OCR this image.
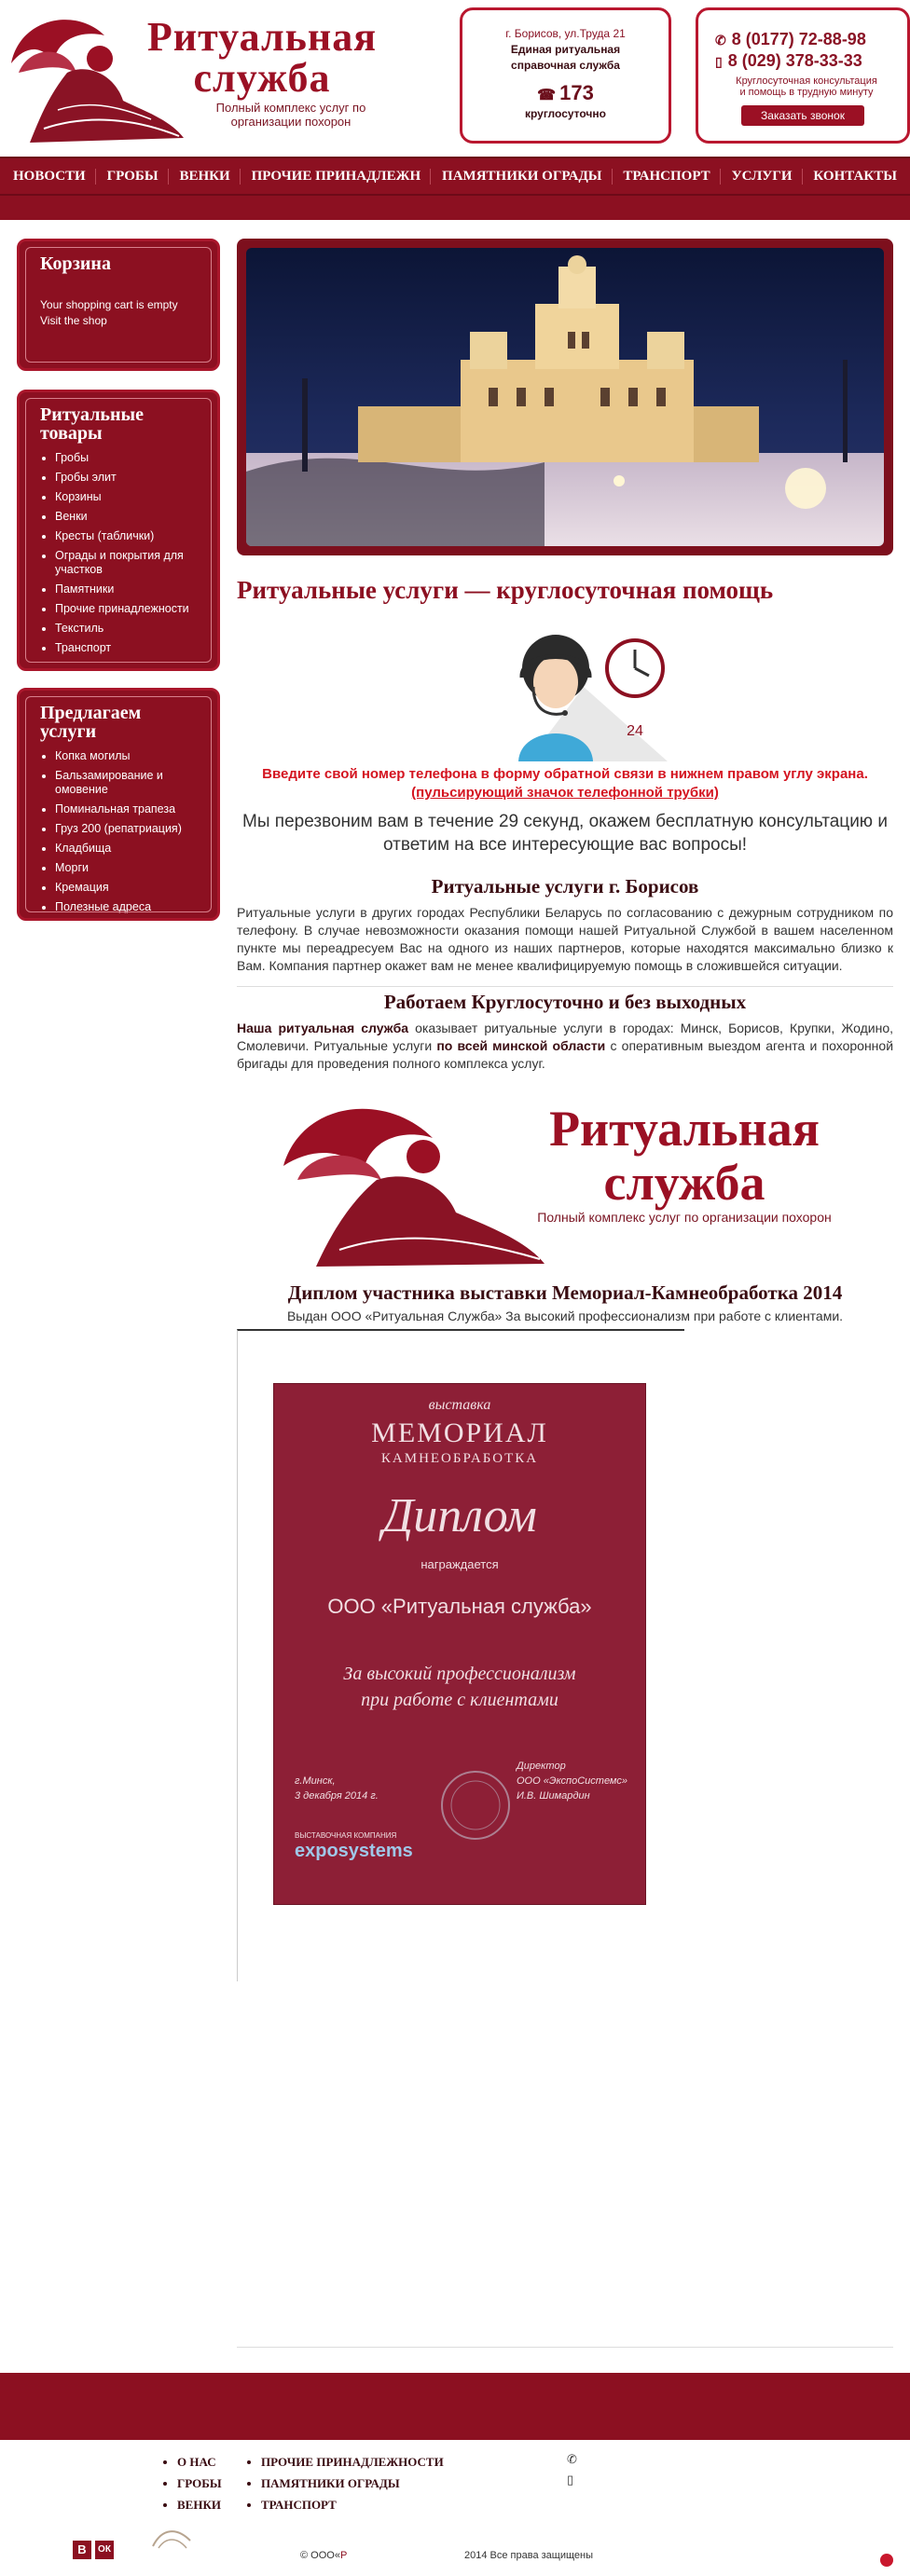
Ритуальная
служба
Полный комплекс услуг по организации похорон
г. Борисов, ул.Труда 21
Единая ритуальная
справочная служба
☎ 173
круглосуточно
✆ 8 (0177) 72-88-98
▯ 8 (029) 378-33-33
Круглосуточная консультация
и помощь в трудную минуту
Заказать звонок
НОВОСТИ	ГРОБЫ	ВЕНКИ	ПРОЧИЕ ПРИНАДЛЕЖН	ПАМЯТНИКИ ОГРАДЫ	ТРАНСПОРТ	УСЛУГИ	КОНТАКТЫ
Корзина
Your shopping cart is empty
Visit the shop
Ритуальные
товары
• Гробы
• Гробы элит
• Корзины
• Венки
• Кресты (таблички)
• Ограды и покрытия для участков
• Памятники
• Прочие принадлежности
• Текстиль
• Транспорт
Предлагаем
услуги
• Копка могилы
• Бальзамирование и омовение
• Поминальная трапеза
• Груз 200 (репатриация)
• Кладбища
• Морги
• Кремация
• Полезные адреса
• Траурный зал
Ритуальные услуги — круглосуточная помощь
24
Введите свой номер телефона в форму обратной связи в нижнем правом углу экрана.
(пульсирующий значок телефонной трубки)
Мы перезвоним вам в течение 29 секунд, окажем бесплатную консультацию и
ответим на все интересующие вас вопросы!
Ритуальные услуги г. Борисов

Ритуальные услуги в других городах Республики Беларусь по согласованию с дежурным сотрудником по телефону. В случае невозможности оказания помощи нашей Ритуальной Службой в вашем населенном пункте мы переадресуем Вас на одного из наших партнеров, которые находятся максимально близко к Вам. Компания партнер окажет вам не менее квалифицируемую помощь в сложившейся ситуации.

Работаем Круглосуточно и без выходных

Наша ритуальная служба оказывает ритуальные услуги в городах: Минск, Борисов, Крупки, Жодино, Смолевичи. Ритуальные услуги по всей минской области с оперативным выездом агента и похоронной бригады для проведения полного комплекса услуг.

Ритуальная
служба
Полный комплекс услуг по организации похорон
Диплом участника выставки Мемориал-Камнеобработка 2014
Выдан ООО «Ритуальная Служба» За высокий профессионализм при работе с клиентами.
выставка
МЕМОРИАЛ
КАМНЕОБРАБОТКА
Диплом
награждается
ООО «Ритуальная служба»
За высокий профессионализм
при работе с клиентами
г.Минск,
3 декабря 2014 г.
Директор
ООО «ЭкспоСистемс»
И.В. Шимардин
ВЫСТАВОЧНАЯ КОМПАНИЯ
exposystems
• О НАС
• ГРОБЫ
• ВЕНКИ
• ПРОЧИЕ ПРИНАДЛЕЖНОСТИ
• ПАМЯТНИКИ ОГРАДЫ
• ТРАНСПОРТ
✆
▯
В	ОК
© ООО«Р	2014 Все права защищены
